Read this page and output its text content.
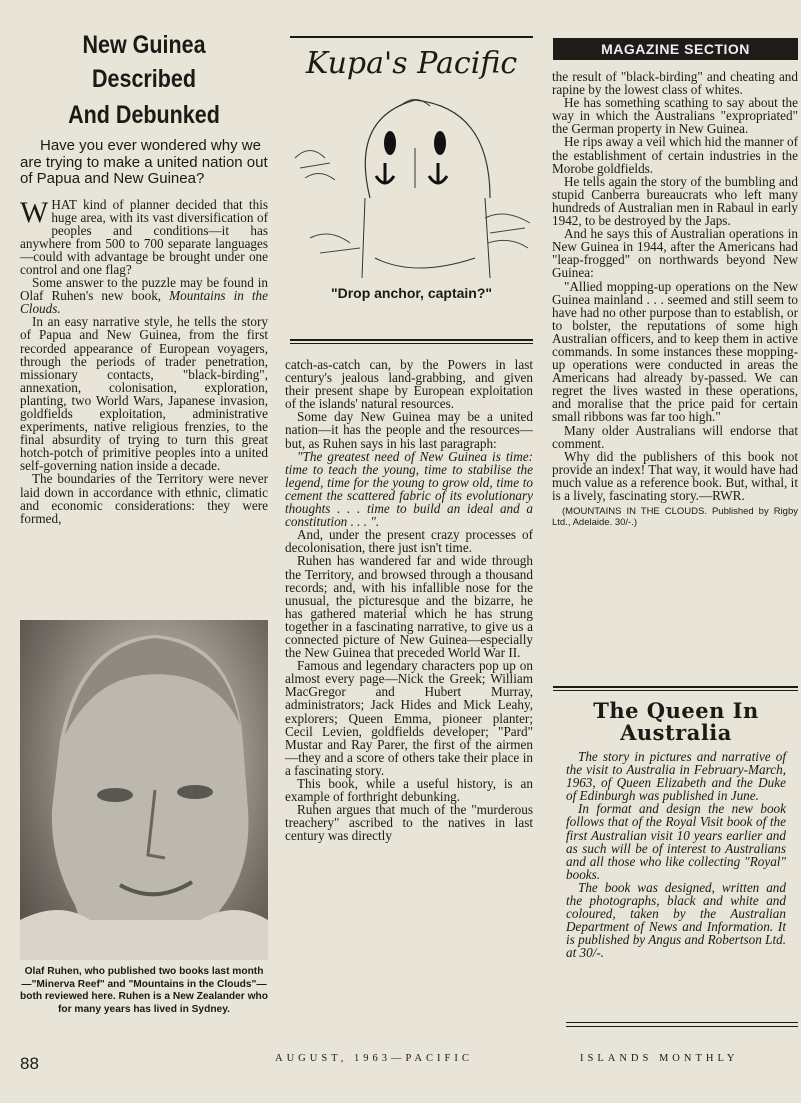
New Guinea Described
And Debunked

Have you ever wondered why we are trying to make a united nation out of Papua and New Guinea?

WHAT kind of planner decided that this huge area, with its vast diversification of peoples and conditions—it has anywhere from 500 to 700 separate languages—could with advantage be brought under one control and one flag?

Some answer to the puzzle may be found in Olaf Ruhen's new book, Mountains in the Clouds.

In an easy narrative style, he tells the story of Papua and New Guinea, from the first recorded appearance of European voyagers, through the periods of trader penetration, missionary contacts, "black-birding", annexation, colonisation, exploration, planting, two World Wars, Japanese invasion, goldfields exploitation, administrative experiments, native religious frenzies, to the final absurdity of trying to turn this great hotch-potch of primitive peoples into a united self-governing nation inside a decade.

The boundaries of the Territory were never laid down in accordance with ethnic, climatic and economic considerations: they were formed,

Olaf Ruhen, who published two books last month—"Minerva Reef" and "Mountains in the Clouds"—both reviewed here. Ruhen is a New Zealander who for many years has lived in Sydney.
Kupa's Pacific
"Drop anchor, captain?"

catch-as-catch can, by the Powers in last century's jealous land-grabbing, and given their present shape by European exploitation of the islands' natural resources.

Some day New Guinea may be a united nation—it has the people and the resources—but, as Ruhen says in his last paragraph:

"The greatest need of New Guinea is time: time to teach the young, time to stabilise the legend, time for the young to grow old, time to cement the scattered fabric of its evolutionary thoughts . . . time to build an ideal and a constitution . . . ".

And, under the present crazy processes of decolonisation, there just isn't time.

Ruhen has wandered far and wide through the Territory, and browsed through a thousand records; and, with his infallible nose for the unusual, the picturesque and the bizarre, he has gathered material which he has strung together in a fascinating narrative, to give us a connected picture of New Guinea—especially the New Guinea that preceded World War II.

Famous and legendary characters pop up on almost every page—Nick the Greek; William MacGregor and Hubert Murray, administrators; Jack Hides and Mick Leahy, explorers; Queen Emma, pioneer planter; Cecil Levien, goldfields developer; "Pard" Mustar and Ray Parer, the first of the airmen—they and a score of others take their place in a fascinating story.

This book, while a useful history, is an example of forthright debunking.

Ruhen argues that much of the "murderous treachery" ascribed to the natives in last century was directly

MAGAZINE SECTION

the result of "black-birding" and cheating and rapine by the lowest class of whites.

He has something scathing to say about the way in which the Australians "expropriated" the German property in New Guinea.

He rips away a veil which hid the manner of the establishment of certain industries in the Morobe goldfields.

He tells again the story of the bumbling and stupid Canberra bureaucrats who left many hundreds of Australian men in Rabaul in early 1942, to be destroyed by the Japs.

And he says this of Australian operations in New Guinea in 1944, after the Americans had "leap-frogged" on northwards beyond New Guinea:

"Allied mopping-up operations on the New Guinea mainland . . . seemed and still seem to have had no other purpose than to establish, or to bolster, the reputations of some high Australian officers, and to keep them in active commands. In some instances these mopping-up operations were conducted in areas the Americans had already by-passed. We can regret the lives wasted in these operations, and moralise that the price paid for certain small ribbons was far too high."

Many older Australians will endorse that comment.

Why did the publishers of this book not provide an index! That way, it would have had much value as a reference book. But, withal, it is a lively, fascinating story.—RWR.

(MOUNTAINS IN THE CLOUDS. Published by Rigby Ltd., Adelaide. 30/-.)

The Queen In
Australia

The story in pictures and narrative of the visit to Australia in February-March, 1963, of Queen Elizabeth and the Duke of Edinburgh was published in June.

In format and design the new book follows that of the Royal Visit book of the first Australian visit 10 years earlier and as such will be of interest to Australians and all those who like collecting "Royal" books.

The book was designed, written and the photographs, black and white and coloured, taken by the Australian Department of News and Information. It is published by Angus and Robertson Ltd. at 30/-.

88	AUGUST, 1963—PACIFIC	ISLANDS MONTHLY
